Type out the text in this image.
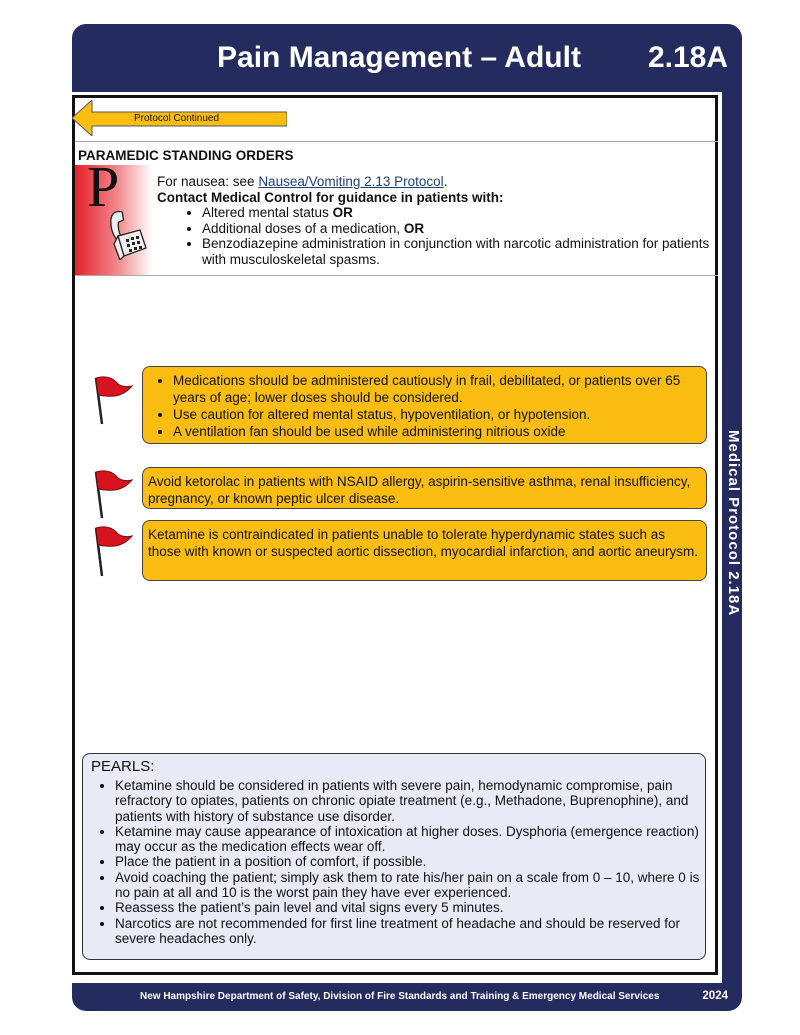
Pain Management – Adult 2.18A
Medical Protocol 2.18A
Protocol Continued
PARAMEDIC STANDING ORDERS
P	For nausea: see Nausea/Vomiting 2.13 Protocol.
Contact Medical Control for guidance in patients with:
• Altered mental status OR
• Additional doses of a medication, OR
• Benzodiazepine administration in conjunction with narcotic administration for patients with musculoskeletal spasms.
• Medications should be administered cautiously in frail, debilitated, or patients over 65 years of age; lower doses should be considered.
• Use caution for altered mental status, hypoventilation, or hypotension.
• A ventilation fan should be used while administering nitrious oxide
Avoid ketorolac in patients with NSAID allergy, aspirin-sensitive asthma, renal insufficiency, pregnancy, or known peptic ulcer disease.
Ketamine is contraindicated in patients unable to tolerate hyperdynamic states such as those with known or suspected aortic dissection, myocardial infarction, and aortic aneurysm.
PEARLS:
• Ketamine should be considered in patients with severe pain, hemodynamic compromise, pain refractory to opiates, patients on chronic opiate treatment (e.g., Methadone, Buprenophine), and patients with history of substance use disorder.
• Ketamine may cause appearance of intoxication at higher doses. Dysphoria (emergence reaction) may occur as the medication effects wear off.
• Place the patient in a position of comfort, if possible.
• Avoid coaching the patient; simply ask them to rate his/her pain on a scale from 0 – 10, where 0 is no pain at all and 10 is the worst pain they have ever experienced.
• Reassess the patient’s pain level and vital signs every 5 minutes.
• Narcotics are not recommended for first line treatment of headache and should be reserved for severe headaches only.
New Hampshire Department of Safety, Division of Fire Standards and Training & Emergency Medical Services	2024
